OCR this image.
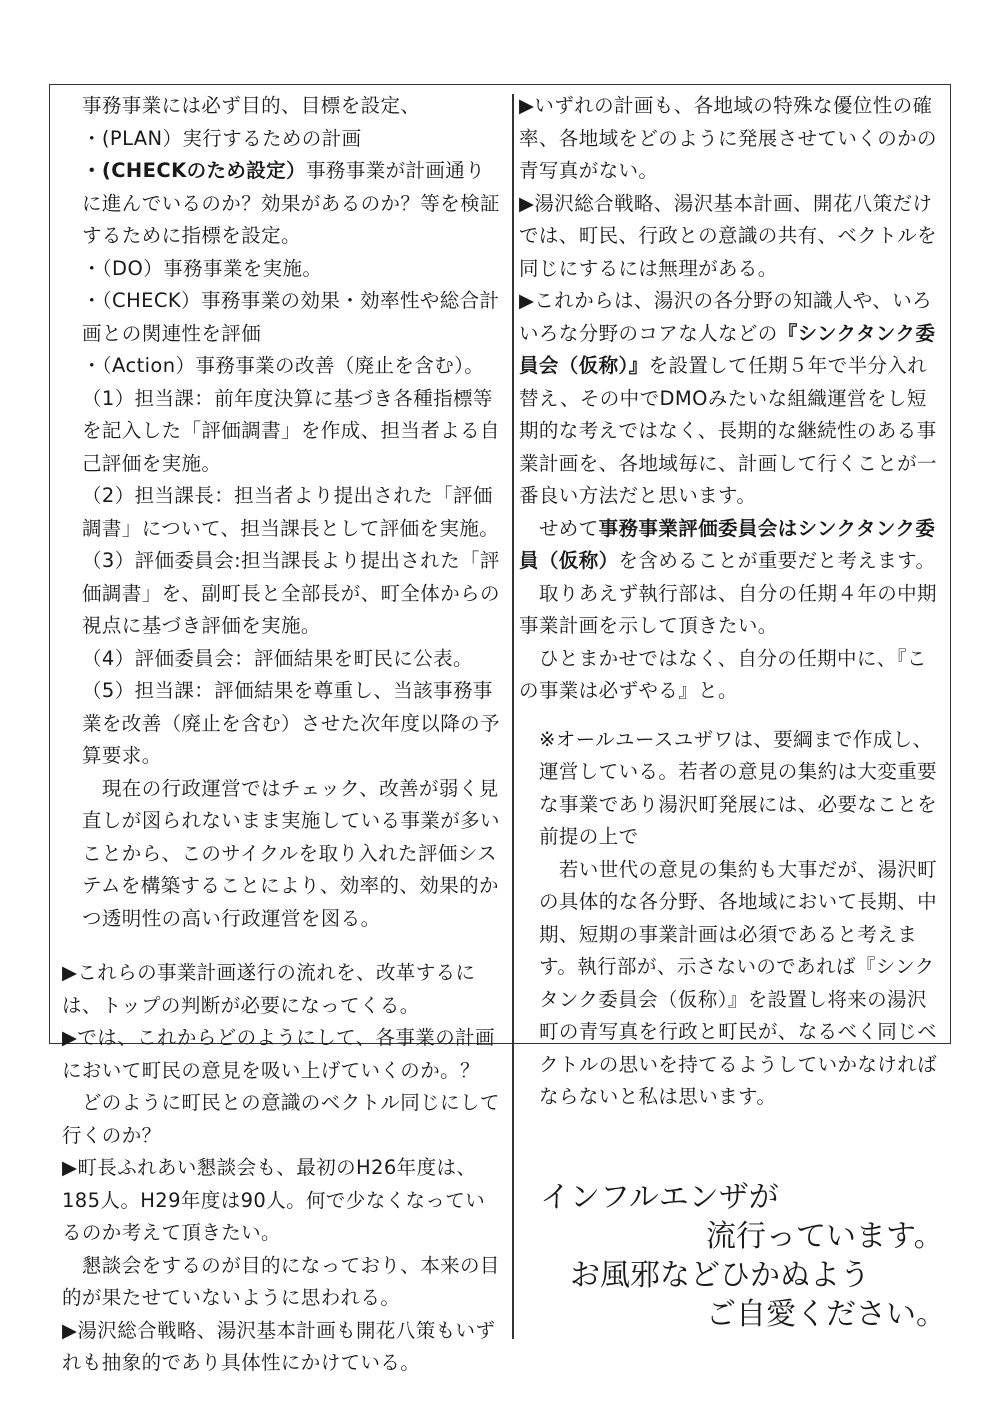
事務事業には必ず目的、目標を設定、

・(PLAN）実行するための計画

・(CHECKのため設定）事務事業が計画通りに進んでいるのか？効果があるのか？等を検証するために指標を設定。

・（DO）事務事業を実施。

・（CHECK）事務事業の効果・効率性や総合計画との関連性を評価

・（Action）事務事業の改善（廃止を含む）。

（1）担当課：前年度決算に基づき各種指標等を記入した「評価調書」を作成、担当者よる自己評価を実施。

（2）担当課長：担当者より提出された「評価調書」について、担当課長として評価を実施。

（3）評価委員会:担当課長より提出された「評価調書」を、副町長と全部長が、町全体からの視点に基づき評価を実施。

（4）評価委員会：評価結果を町民に公表。

（5）担当課：評価結果を尊重し、当該事務事業を改善（廃止を含む）させた次年度以降の予算要求。

　現在の行政運営ではチェック、改善が弱く見直しが図られないまま実施している事業が多いことから、このサイクルを取り入れた評価システムを構築することにより、効率的、効果的かつ透明性の高い行政運営を図る。

▶これらの事業計画遂行の流れを、改革するには、トップの判断が必要になってくる。

▶では、これからどのようにして、各事業の計画において町民の意見を吸い上げていくのか。？

　どのように町民との意識のベクトル同じにして行くのか？

▶町長ふれあい懇談会も、最初のH26年度は、185人。H29年度は90人。何で少なくなっているのか考えて頂きたい。

　懇談会をするのが目的になっており、本来の目的が果たせていないように思われる。

▶湯沢総合戦略、湯沢基本計画も開花八策もいずれも抽象的であり具体性にかけている。

▶いずれの計画も、各地域の特殊な優位性の確率、各地域をどのように発展させていくのかの青写真がない。

▶湯沢総合戦略、湯沢基本計画、開花八策だけでは、町民、行政との意識の共有、ベクトルを同じにするには無理がある。

▶これからは、湯沢の各分野の知識人や、いろいろな分野のコアな人などの『シンクタンク委員会（仮称）』を設置して任期５年で半分入れ替え、その中でDMOみたいな組織運営をし短期的な考えではなく、長期的な継続性のある事業計画を、各地域毎に、計画して行くことが一番良い方法だと思います。

　せめて事務事業評価委員会はシンクタンク委員（仮称）を含めることが重要だと考えます。

　取りあえず執行部は、自分の任期４年の中期事業計画を示して頂きたい。

　ひとまかせではなく、自分の任期中に、『この事業は必ずやる』と。

※オールユースユザワは、要綱まで作成し、運営している。若者の意見の集約は大変重要な事業であり湯沢町発展には、必要なことを前提の上で

　若い世代の意見の集約も大事だが、湯沢町の具体的な各分野、各地域において長期、中期、短期の事業計画は必須であると考えます。執行部が、示さないのであれば『シンクタンク委員会（仮称）』を設置し将来の湯沢町の青写真を行政と町民が、なるべく同じベクトルの思いを持てるようしていかなければならないと私は思います。

インフルエンザが
流行っています。
お風邪などひかぬよう
ご自愛ください。
